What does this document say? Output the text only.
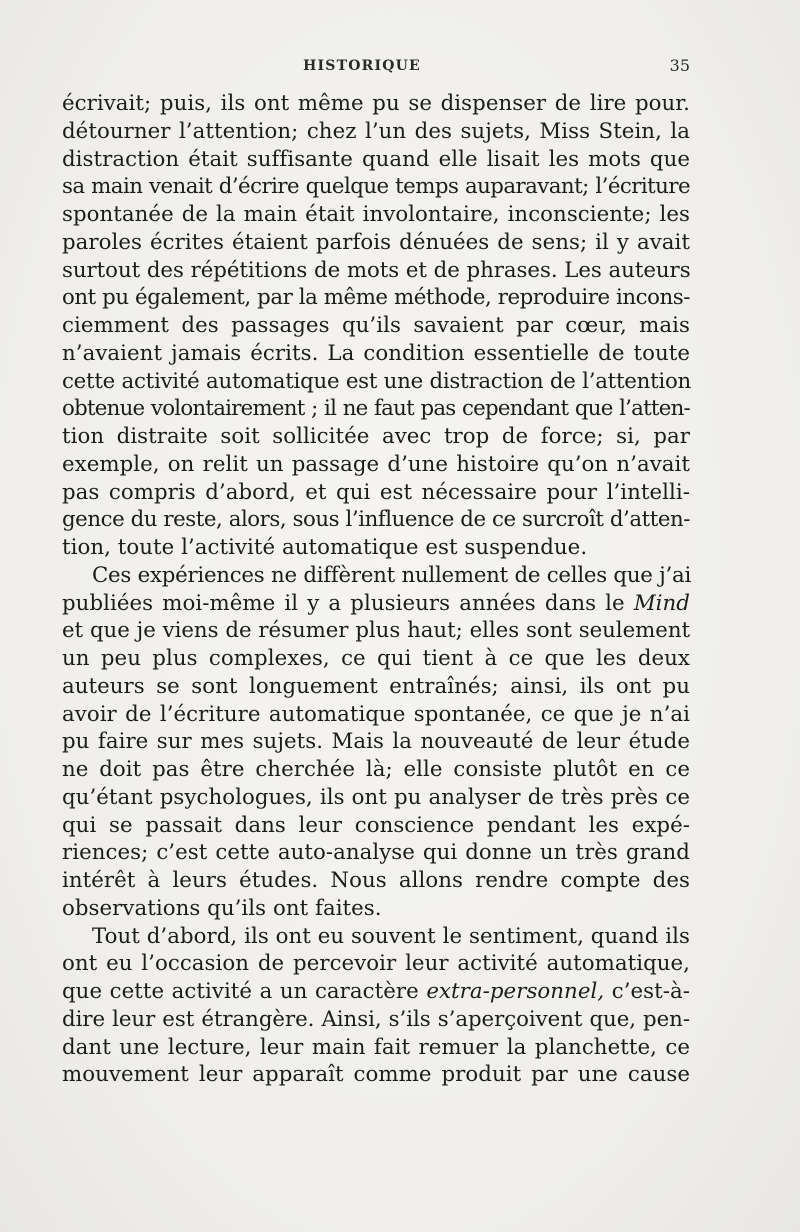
HISTORIQUE	35
écrivait; puis, ils ont même pu se dispenser de lire pour.
détourner l’attention; chez l’un des sujets, Miss Stein, la
distraction était suffisante quand elle lisait les mots que
sa main venait d’écrire quelque temps auparavant; l’écriture
spontanée de la main était involontaire, inconsciente; les
paroles écrites étaient parfois dénuées de sens; il y avait
surtout des répétitions de mots et de phrases. Les auteurs
ont pu également, par la même méthode, reproduire incons-
ciemment des passages qu’ils savaient par cœur, mais
n’avaient jamais écrits. La condition essentielle de toute
cette activité automatique est une distraction de l’attention
obtenue volontairement ; il ne faut pas cependant que l’atten-
tion distraite soit sollicitée avec trop de force; si, par
exemple, on relit un passage d’une histoire qu’on n’avait
pas compris d’abord, et qui est nécessaire pour l’intelli-
gence du reste, alors, sous l’influence de ce surcroît d’atten-
tion, toute l’activité automatique est suspendue.
Ces expériences ne diffèrent nullement de celles que j’ai
publiées moi-même il y a plusieurs années dans le Mind
et que je viens de résumer plus haut; elles sont seulement
un peu plus complexes, ce qui tient à ce que les deux
auteurs se sont longuement entraînés; ainsi, ils ont pu
avoir de l’écriture automatique spontanée, ce que je n’ai
pu faire sur mes sujets. Mais la nouveauté de leur étude
ne doit pas être cherchée là; elle consiste plutôt en ce
qu’étant psychologues, ils ont pu analyser de très près ce
qui se passait dans leur conscience pendant les expé-
riences; c’est cette auto-analyse qui donne un très grand
intérêt à leurs études. Nous allons rendre compte des
observations qu’ils ont faites.
Tout d’abord, ils ont eu souvent le sentiment, quand ils
ont eu l’occasion de percevoir leur activité automatique,
que cette activité a un caractère extra-personnel, c’est-à-
dire leur est étrangère. Ainsi, s’ils s’aperçoivent que, pen-
dant une lecture, leur main fait remuer la planchette, ce
mouvement leur apparaît comme produit par une cause
